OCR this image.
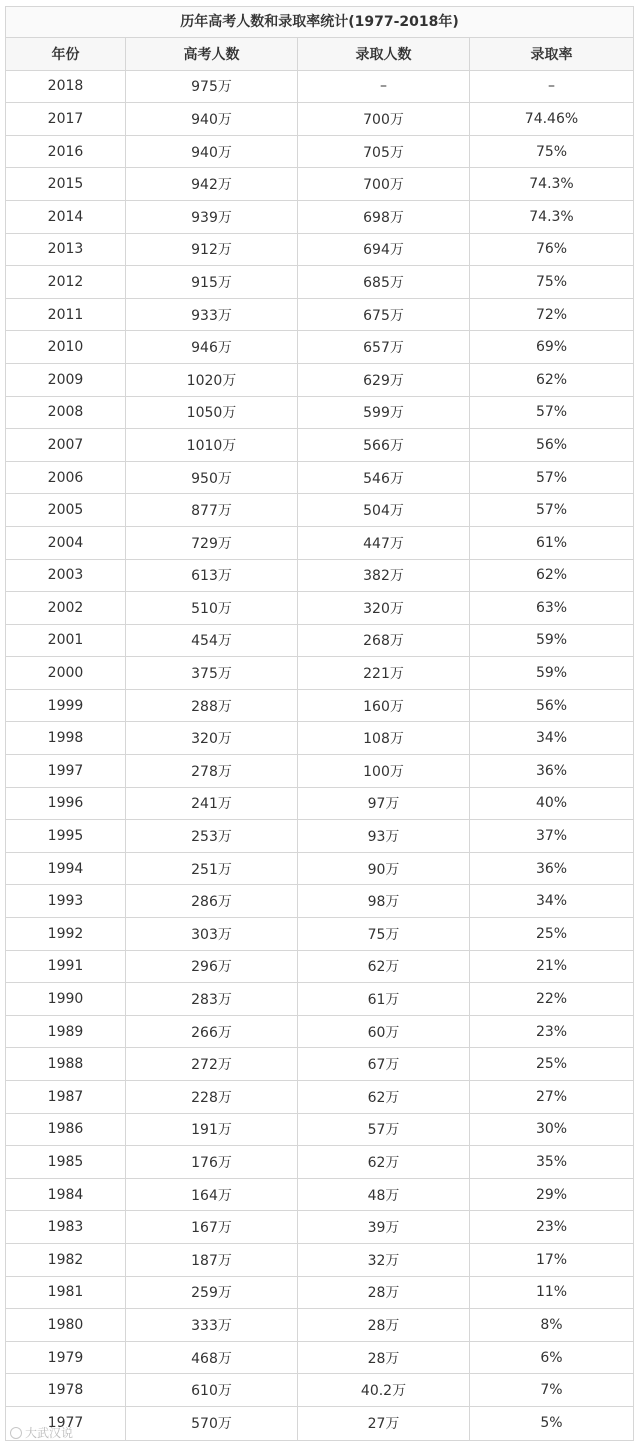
历年高考人数和录取率统计(1977-2018年)
年份	高考人数	录取人数	录取率
2018	975万	–	–
2017	940万	700万	74.46%
2016	940万	705万	75%
2015	942万	700万	74.3%
2014	939万	698万	74.3%
2013	912万	694万	76%
2012	915万	685万	75%
2011	933万	675万	72%
2010	946万	657万	69%
2009	1020万	629万	62%
2008	1050万	599万	57%
2007	1010万	566万	56%
2006	950万	546万	57%
2005	877万	504万	57%
2004	729万	447万	61%
2003	613万	382万	62%
2002	510万	320万	63%
2001	454万	268万	59%
2000	375万	221万	59%
1999	288万	160万	56%
1998	320万	108万	34%
1997	278万	100万	36%
1996	241万	97万	40%
1995	253万	93万	37%
1994	251万	90万	36%
1993	286万	98万	34%
1992	303万	75万	25%
1991	296万	62万	21%
1990	283万	61万	22%
1989	266万	60万	23%
1988	272万	67万	25%
1987	228万	62万	27%
1986	191万	57万	30%
1985	176万	62万	35%
1984	164万	48万	29%
1983	167万	39万	23%
1982	187万	32万	17%
1981	259万	28万	11%
1980	333万	28万	8%
1979	468万	28万	6%
1978	610万	40.2万	7%
1977	570万	27万	5%
大武汉说
